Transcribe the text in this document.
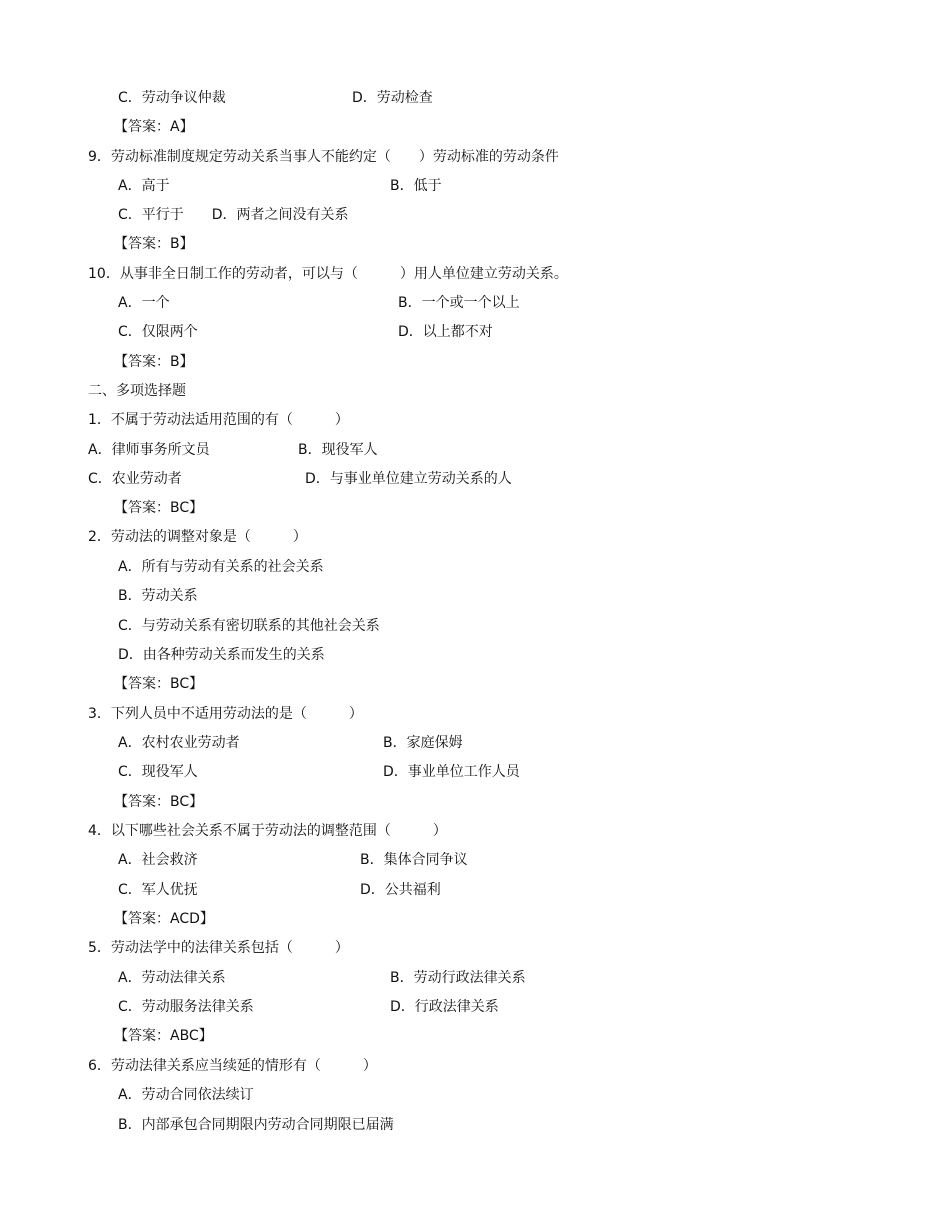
C．劳动争议仲裁	D．劳动检查
【答案：A】
9．劳动标准制度规定劳动关系当事人不能约定（　　）劳动标准的劳动条件
A．高于	B．低于
C．平行于　　D．两者之间没有关系
【答案：B】
10．从事非全日制工作的劳动者，可以与（　　　）用人单位建立劳动关系。
A．一个	B．一个或一个以上
C．仅限两个	D．以上都不对
【答案：B】
二、多项选择题
1．不属于劳动法适用范围的有（　　　）
A．律师事务所文员	B．现役军人
C．农业劳动者	D．与事业单位建立劳动关系的人
【答案：BC】
2．劳动法的调整对象是（　　　）
A．所有与劳动有关系的社会关系
B．劳动关系
C．与劳动关系有密切联系的其他社会关系
D．由各种劳动关系而发生的关系
【答案：BC】
3．下列人员中不适用劳动法的是（　　　）
A．农村农业劳动者	B．家庭保姆
C．现役军人	D．事业单位工作人员
【答案：BC】
4．以下哪些社会关系不属于劳动法的调整范围（　　　）
A．社会救济	B．集体合同争议
C．军人优抚	D．公共福利
【答案：ACD】
5．劳动法学中的法律关系包括（　　　）
A．劳动法律关系	B．劳动行政法律关系
C．劳动服务法律关系	D．行政法律关系
【答案：ABC】
6．劳动法律关系应当续延的情形有（　　　）
A．劳动合同依法续订
B．内部承包合同期限内劳动合同期限已届满
